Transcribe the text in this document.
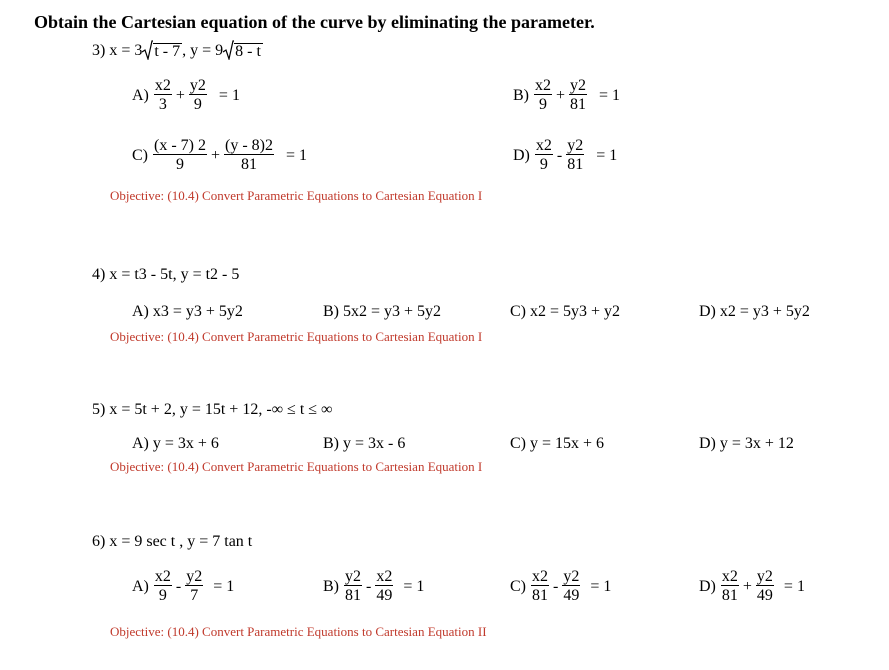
Obtain the Cartesian equation of the curve by eliminating the parameter.
3) x = 3 t - 7 , y = 9 8 - t
$A) \frac{x2}{3} + \frac{y2}{9} = 1$	$B) \frac{x2}{9} + \frac{y2}{81} = 1$
$C) \frac{(x - 7) 2}{9} + \frac{(y - 8)2}{81} = 1$	$D) \frac{x2}{9} - \frac{y2}{81} = 1$
Objective: (10.4) Convert Parametric Equations to Cartesian Equation I
4) x = t3 - 5t, y = t2 - 5
A) x3 = y3 + 5y2	B) 5x2 = y3 + 5y2	C) x2 = 5y3 + y2	D) x2 = y3 + 5y2
Objective: (10.4) Convert Parametric Equations to Cartesian Equation I
5) x = 5t + 2, y = 15t + 12, -∞ ≤ t ≤ ∞
A) y = 3x + 6	B) y = 3x - 6	C) y = 15x + 6	D) y = 3x + 12
Objective: (10.4) Convert Parametric Equations to Cartesian Equation I
6) x = 9 sec t , y = 7 tan t
$A) \frac{x2}{9} - \frac{y2}{7} = 1$	$B) \frac{y2}{81} - \frac{x2}{49} = 1$	$C) \frac{x2}{81} - \frac{y2}{49} = 1$	$D) \frac{x2}{81} + \frac{y2}{49} = 1$
Objective: (10.4) Convert Parametric Equations to Cartesian Equation II
